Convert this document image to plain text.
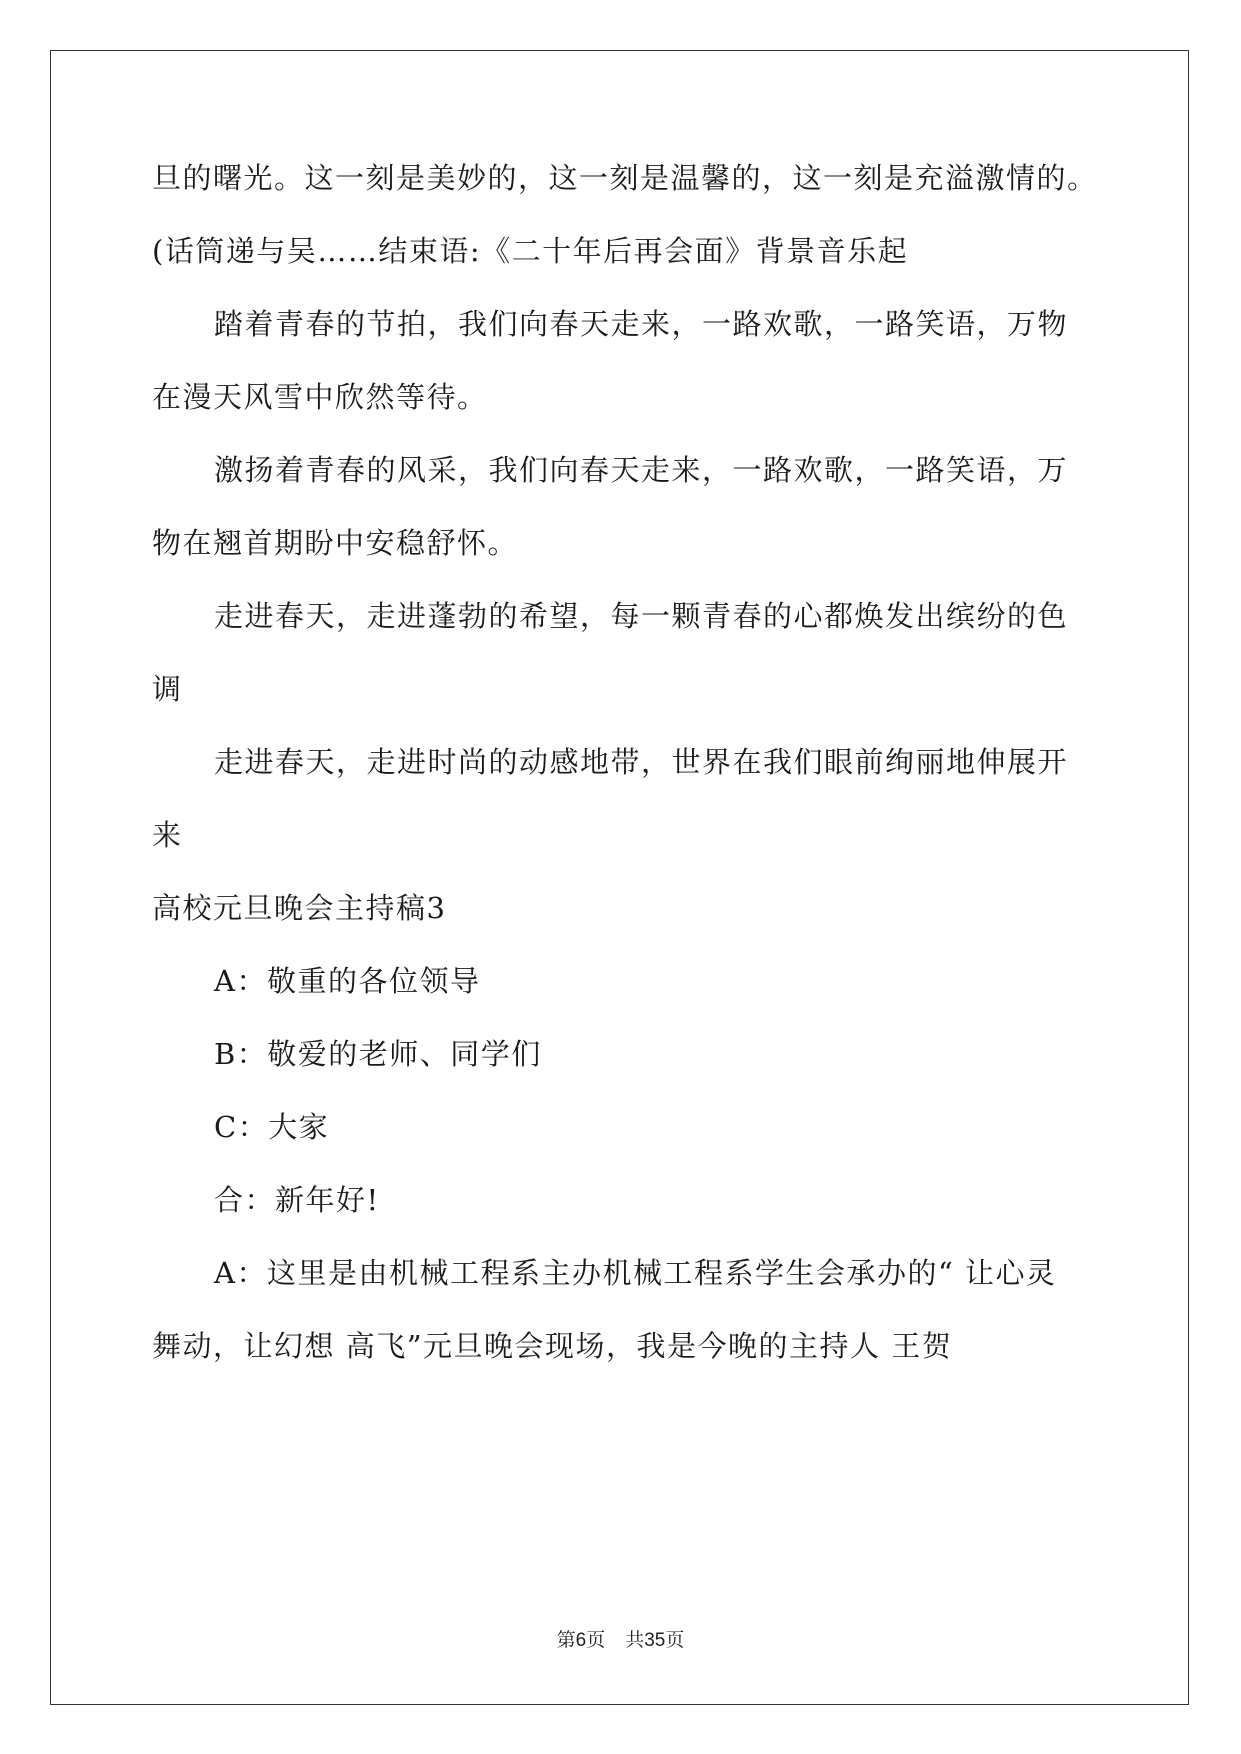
旦的曙光。这一刻是美妙的，这一刻是温馨的，这一刻是充溢激情的。
(话筒递与吴……结束语:《二十年后再会面》背景音乐起
踏着青春的节拍，我们向春天走来，一路欢歌，一路笑语，万物
在漫天风雪中欣然等待。
激扬着青春的风采，我们向春天走来，一路欢歌，一路笑语，万
物在翘首期盼中安稳舒怀。
走进春天，走进蓬勃的希望，每一颗青春的心都焕发出缤纷的色
调
走进春天，走进时尚的动感地带，世界在我们眼前绚丽地伸展开
来
高校元旦晚会主持稿3
A：敬重的各位领导
B：敬爱的老师、同学们
C：大家
合：新年好!
A：这里是由机械工程系主办机械工程系学生会承办的“ 让心灵
舞动，让幻想 高飞”元旦晚会现场，我是今晚的主持人 王贺
第6页 共35页
